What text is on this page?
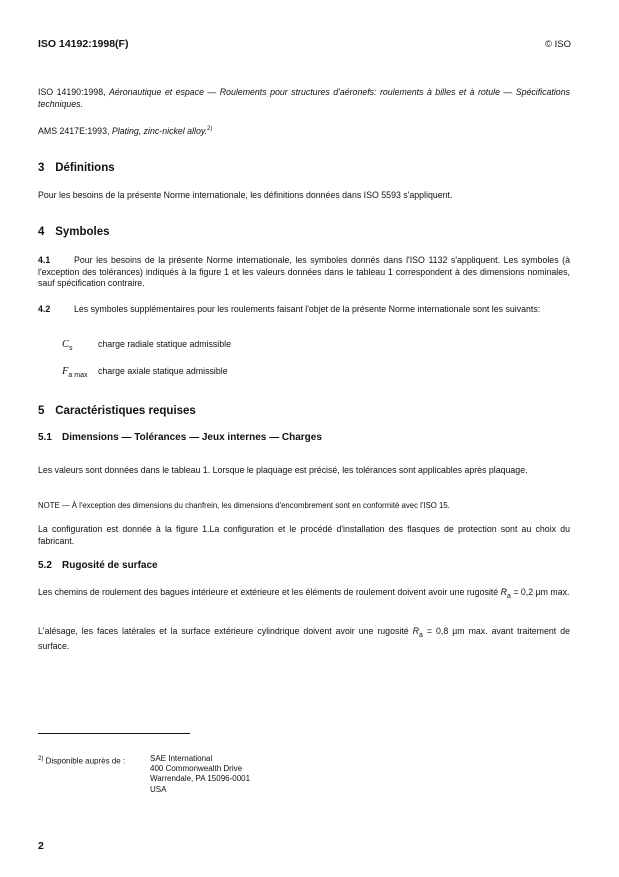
ISO 14192:1998(F)	© ISO
ISO 14190:1998, Aéronautique et espace — Roulements pour structures d'aéronefs: roulements à billes et à rotule — Spécifications techniques.
AMS 2417E:1993, Plating, zinc-nickel alloy.$^{2)}$
3 Définitions
Pour les besoins de la présente Norme internationale, les définitions données dans ISO 5593 s'appliquent.
4 Symboles
4.1	Pour les besoins de la présente Norme internationale, les symboles donnés dans l'ISO 1132 s'appliquent. Les symboles (à l'exception des tolérances) indiqués à la figure 1 et les valeurs données dans le tableau 1 correspondent à des dimensions nominales, sauf spécification contraire.
4.2	Les symboles supplémentaires pour les roulements faisant l'objet de la présente Norme internationale sont les suivants:
$C_s$	charge radiale statique admissible
$F_{a max}$ charge axiale statique admissible
5 Caractéristiques requises
5.1 Dimensions — Tolérances — Jeux internes — Charges
Les valeurs sont données dans le tableau 1. Lorsque le plaquage est précisé, les tolérances sont applicables après plaquage.
NOTE — À l'exception des dimensions du chanfrein, les dimensions d'encombrement sont en conformité avec l'ISO 15.
La configuration est donnée à la figure 1.La configuration et le procédé d'installation des flasques de protection sont au choix du fabricant.
5.2 Rugosité de surface
Les chemins de roulement des bagues intérieure et extérieure et les éléments de roulement doivent avoir une rugosité $R_a = 0,2$ µm max.
L'alésage, les faces latérales et la surface extérieure cylindrique doivent avoir une rugosité $R_a = 0,8$ µm max. avant traitement de surface.
$^{2)}$ Disponible auprès de :	SAE International
400 Commonwealth Drive
Warrendale, PA 15096-0001
USA
2
